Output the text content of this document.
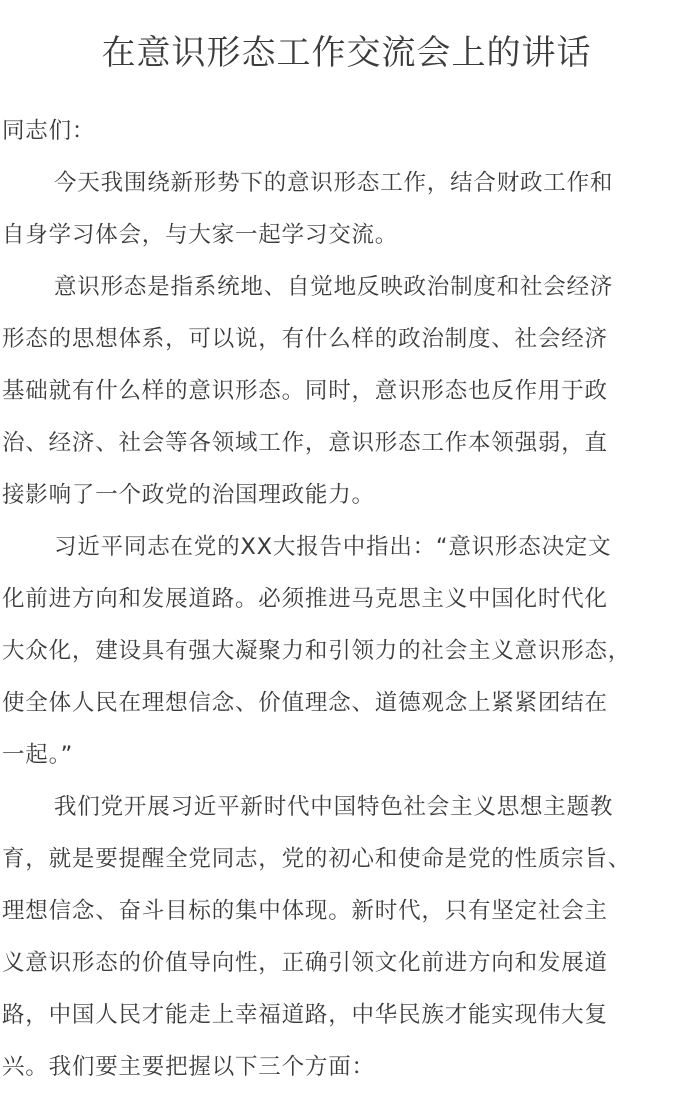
在意识形态工作交流会上的讲话
同志们：
今天我围绕新形势下的意识形态工作，结合财政工作和
自身学习体会，与大家一起学习交流。
意识形态是指系统地、自觉地反映政治制度和社会经济
形态的思想体系，可以说，有什么样的政治制度、社会经济
基础就有什么样的意识形态。同时，意识形态也反作用于政
治、经济、社会等各领域工作，意识形态工作本领强弱，直
接影响了一个政党的治国理政能力。
习近平同志在党的XX大报告中指出：“意识形态决定文
化前进方向和发展道路。必须推进马克思主义中国化时代化
大众化，建设具有强大凝聚力和引领力的社会主义意识形态，
使全体人民在理想信念、价值理念、道德观念上紧紧团结在
一起。”
我们党开展习近平新时代中国特色社会主义思想主题教
育，就是要提醒全党同志，党的初心和使命是党的性质宗旨、
理想信念、奋斗目标的集中体现。新时代，只有坚定社会主
义意识形态的价值导向性，正确引领文化前进方向和发展道
路，中国人民才能走上幸福道路，中华民族才能实现伟大复
兴。我们要主要把握以下三个方面：
